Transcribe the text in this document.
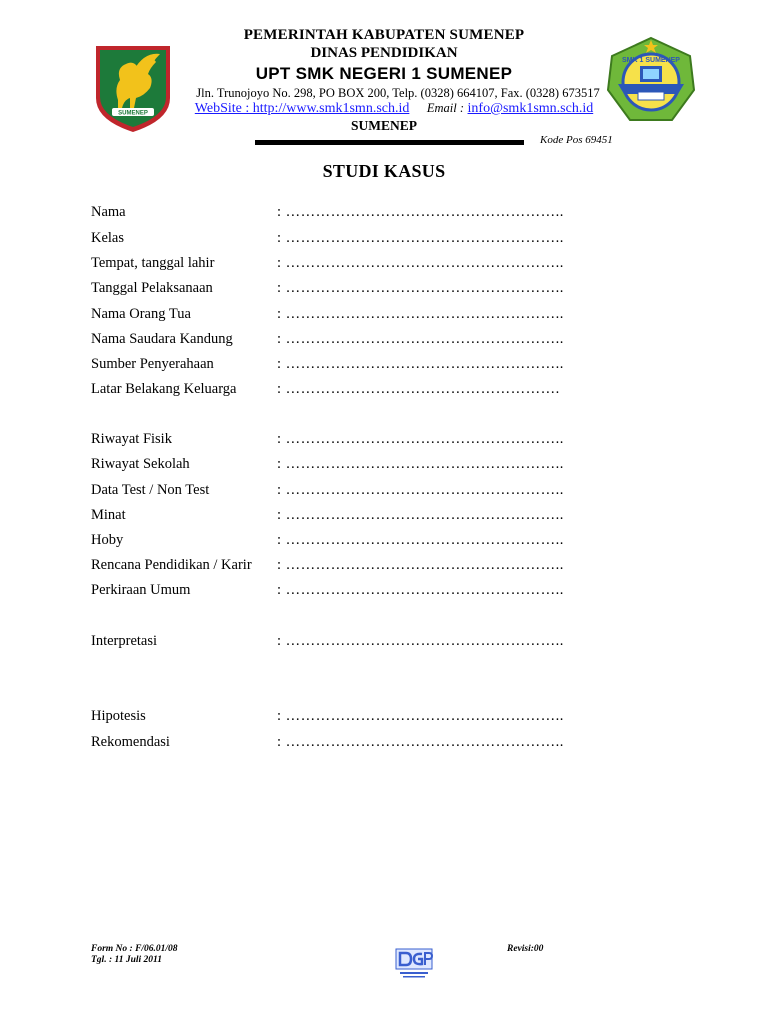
SUMENEP
SMK 1 SUMENEP
PEMERINTAH KABUPATEN SUMENEP
DINAS PENDIDIKAN
UPT SMK NEGERI 1 SUMENEP
Jln. Trunojoyo No. 298, PO BOX 200, Telp. (0328) 664107, Fax. (0328) 673517
WebSite : http://www.smk1smn.sch.id Email : info@smk1smn.sch.id
SUMENEP
Kode Pos 69451
STUDI KASUS
Nama	: ………………………………………………..
Kelas	: ………………………………………………..
Tempat, tanggal lahir	: ………………………………………………..
Tanggal Pelaksanaan	: ………………………………………………..
Nama Orang Tua	: ………………………………………………..
Nama Saudara Kandung	: ………………………………………………..
Sumber Penyerahaan	: ………………………………………………..
Latar Belakang Keluarga	: ……………………………………………….
Riwayat Fisik	: ………………………………………………..
Riwayat Sekolah	: ………………………………………………..
Data Test / Non Test	: ………………………………………………..
Minat	: ………………………………………………..
Hoby	: ………………………………………………..
Rencana Pendidikan / Karir : ………………………………………………..
Perkiraan Umum	: ………………………………………………..
Interpretasi	: ………………………………………………..
Hipotesis	: ………………………………………………..
Rekomendasi	: ………………………………………………..
Form No : F/06.01/08
Tgl. : 11 Juli 2011
Revisi:00
